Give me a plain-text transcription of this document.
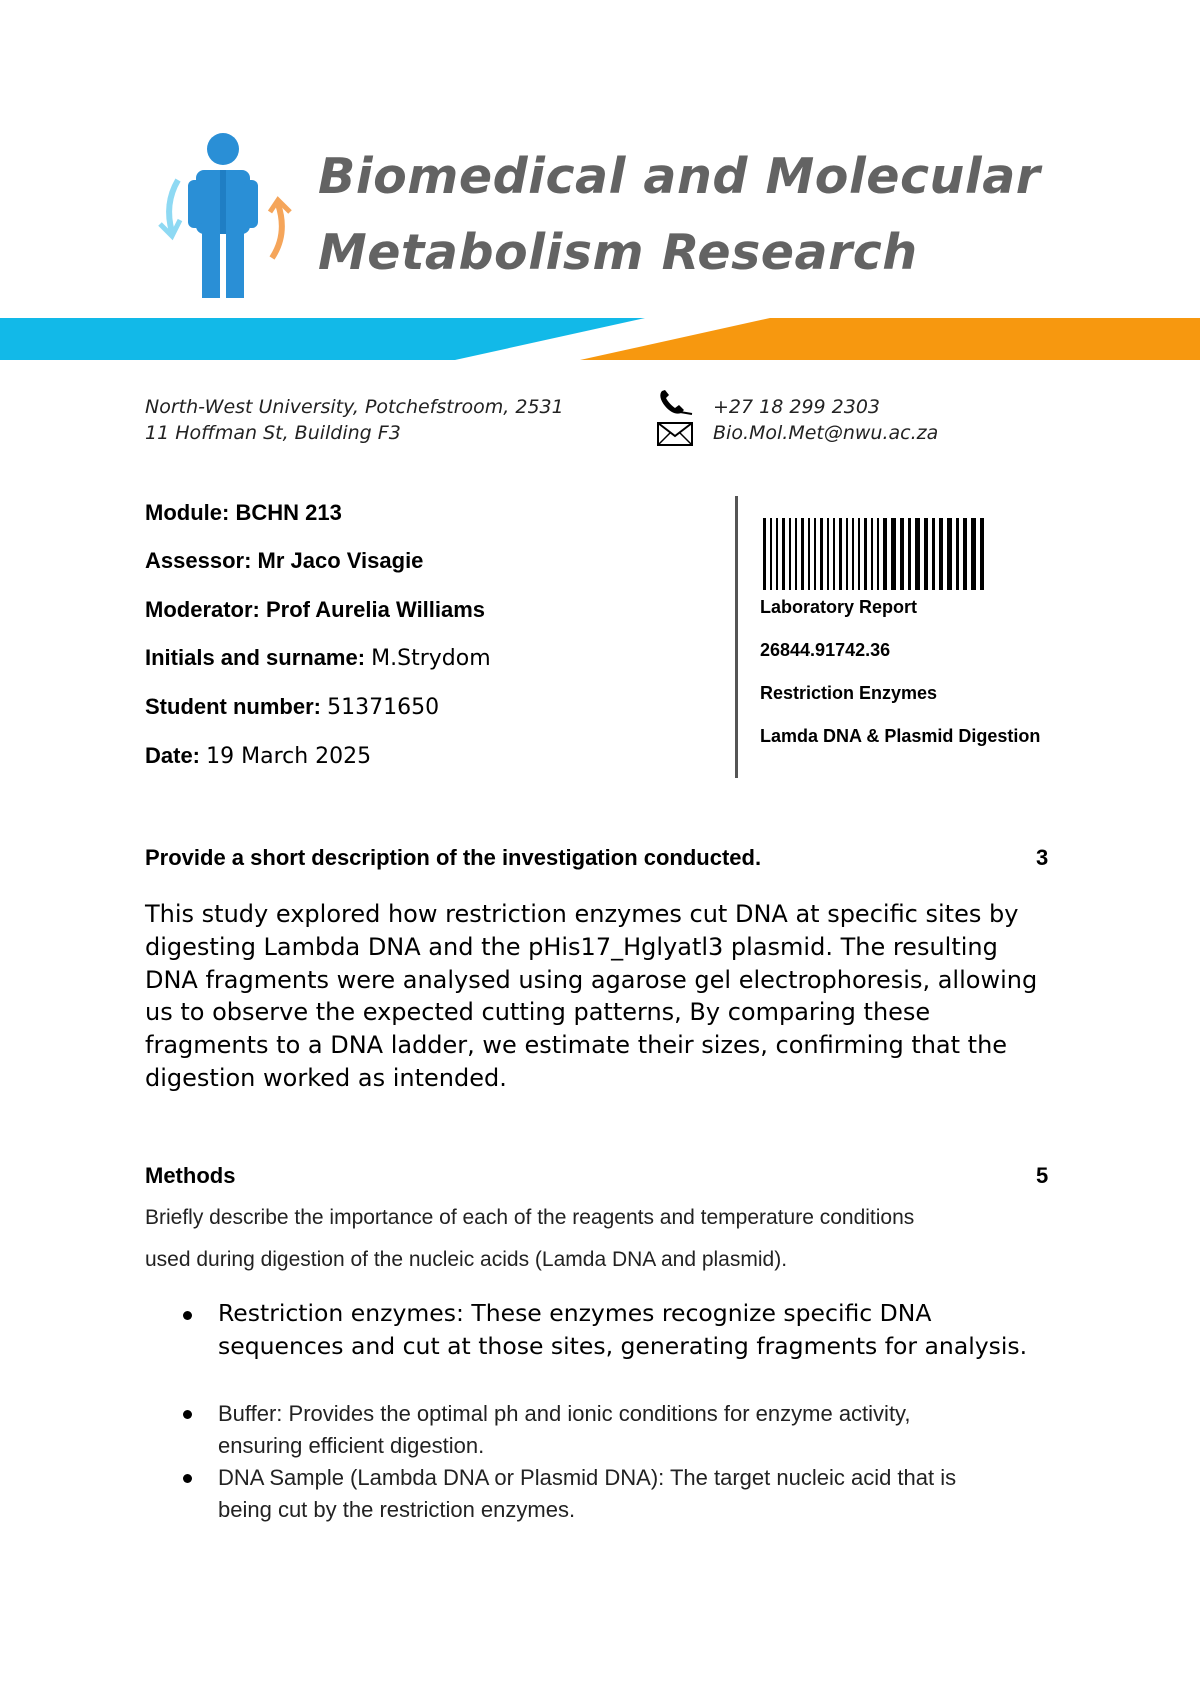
Biomedical and Molecular
Metabolism Research
North-West University, Potchefstroom, 2531
11 Hoffman St, Building F3
+27 18 299 2303
Bio.Mol.Met@nwu.ac.za
Module: BCHN 213
Assessor: Mr Jaco Visagie
Moderator: Prof Aurelia Williams
Initials and surname: M.Strydom
Student number: 51371650
Date: 19 March 2025
Laboratory Report
26844.91742.36
Restriction Enzymes
Lamda DNA & Plasmid Digestion
Provide a short description of the investigation conducted.	3

This study explored how restriction enzymes cut DNA at specific sites by
digesting Lambda DNA and the pHis17_Hglyatl3 plasmid. The resulting
DNA fragments were analysed using agarose gel electrophoresis, allowing
us to observe the expected cutting patterns, By comparing these
fragments to a DNA ladder, we estimate their sizes, confirming that the
digestion worked as intended.

Methods	5

Briefly describe the importance of each of the reagents and temperature conditions
used during digestion of the nucleic acids (Lamda DNA and plasmid).

Restriction enzymes: These enzymes recognize specific DNA
sequences and cut at those sites, generating fragments for analysis.

Buffer: Provides the optimal ph and ionic conditions for enzyme activity,
ensuring efficient digestion.

DNA Sample (Lambda DNA or Plasmid DNA): The target nucleic acid that is
being cut by the restriction enzymes.
